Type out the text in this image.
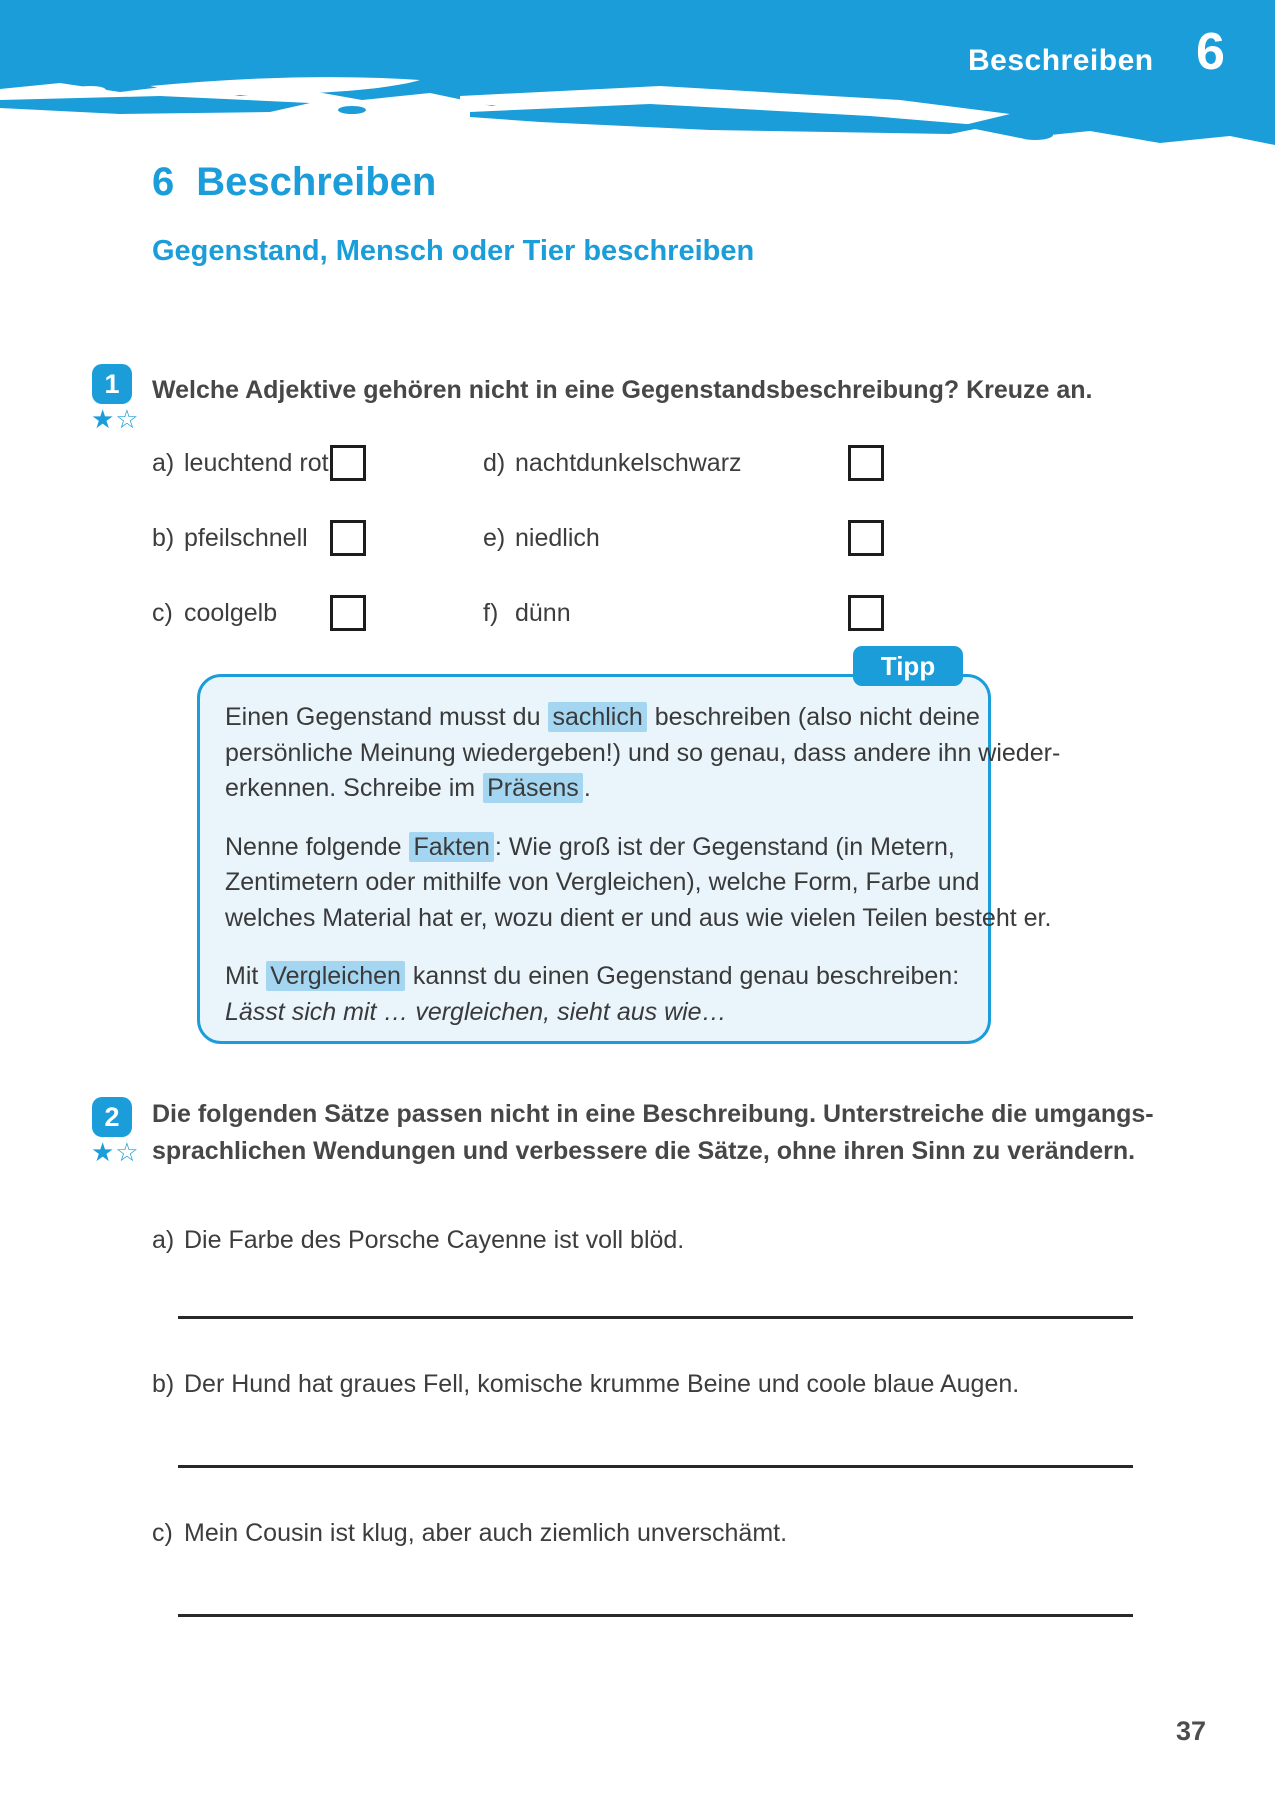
Beschreiben 6
6 Beschreiben
Gegenstand, Mensch oder Tier beschreiben
1
★☆
Welche Adjektive gehören nicht in eine Gegenstandsbeschreibung? Kreuze an.
a) leuchtend rot
b) pfeilschnell
c) coolgelb
d) nachtdunkelschwarz
e) niedlich
f) dünn
Tipp
Einen Gegenstand musst du sachlich beschreiben (also nicht deine
persönliche Meinung wiedergeben!) und so genau, dass andere ihn wieder-
erkennen. Schreibe im Präsens .
Nenne folgende Fakten : Wie groß ist der Gegenstand (in Metern,
Zentimetern oder mithilfe von Vergleichen), welche Form, Farbe und
welches Material hat er, wozu dient er und aus wie vielen Teilen besteht er.
Mit Vergleichen kannst du einen Gegenstand genau beschreiben:
Lässt sich mit … vergleichen, sieht aus wie…
2
★☆
Die folgenden Sätze passen nicht in eine Beschreibung. Unterstreiche die umgangs-
sprachlichen Wendungen und verbessere die Sätze, ohne ihren Sinn zu verändern.
a) Die Farbe des Porsche Cayenne ist voll blöd.
b) Der Hund hat graues Fell, komische krumme Beine und coole blaue Augen.
c) Mein Cousin ist klug, aber auch ziemlich unverschämt.
37
